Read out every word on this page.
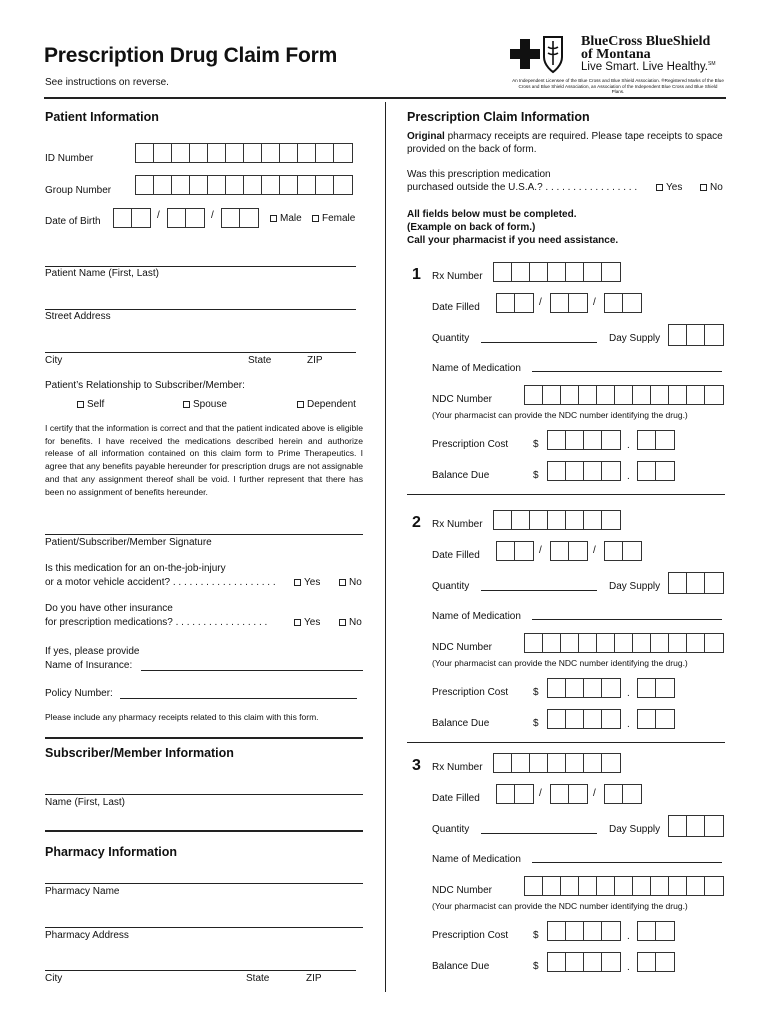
Prescription Drug Claim Form
See instructions on reverse.
BlueCross BlueShield
of Montana
Live Smart. Live Healthy.℠
An Independent Licensee of the Blue Cross and Blue Shield Association. ®Registered Marks of the Blue Cross and Blue Shield Association, an Association of the Independent Blue Cross and Blue Shield Plans.
Patient Information
ID Number
Group Number
Date of Birth
/	/	Male	Female
Patient Name (First, Last)
Street Address
City	State	ZIP
Patient’s Relationship to Subscriber/Member:
Self	Spouse	Dependent
I certify that the information is correct and that the patient indicated above is eligible for benefits. I have received the medications described herein and authorize release of all information contained on this claim form to Prime Therapeutics. I agree that any benefits payable hereunder for prescription drugs are not assignable and that any assignment thereof shall be void. I further represent that there has been no assignment of benefits hereunder.
Patient/Subscriber/Member Signature
Is this medication for an on-the-job-injury
or a motor vehicle accident? . . . . . . . . . . . . . . . . . . .	Yes	No
Do you have other insurance
for prescription medications? . . . . . . . . . . . . . . . . .	Yes	No
If yes, please provide
Name of Insurance:
Policy Number:
Please include any pharmacy receipts related to this claim with this form.
Subscriber/Member Information
Name (First, Last)
Pharmacy Information
Pharmacy Name
Pharmacy Address
City	State	ZIP
Prescription Claim Information
Original pharmacy receipts are required. Please tape receipts to space provided on the back of form.
Was this prescription medication
purchased outside the U.S.A.? . . . . . . . . . . . . . . . . .	Yes	No
All fields below must be completed.
(Example on back of form.)
Call your pharmacist if you need assistance.
1 Rx Number
Date Filled	/	/
Quantity	Day Supply
Name of Medication
NDC Number
(Your pharmacist can provide the NDC number identifying the drug.)
Prescription Cost $	.
Balance Due	$	.
2 Rx Number
Date Filled	/	/
Quantity	Day Supply
Name of Medication
NDC Number
(Your pharmacist can provide the NDC number identifying the drug.)
Prescription Cost $	.
Balance Due	$	.
3 Rx Number
Date Filled	/	/
Quantity	Day Supply
Name of Medication
NDC Number
(Your pharmacist can provide the NDC number identifying the drug.)
Prescription Cost $	.
Balance Due	$	.
